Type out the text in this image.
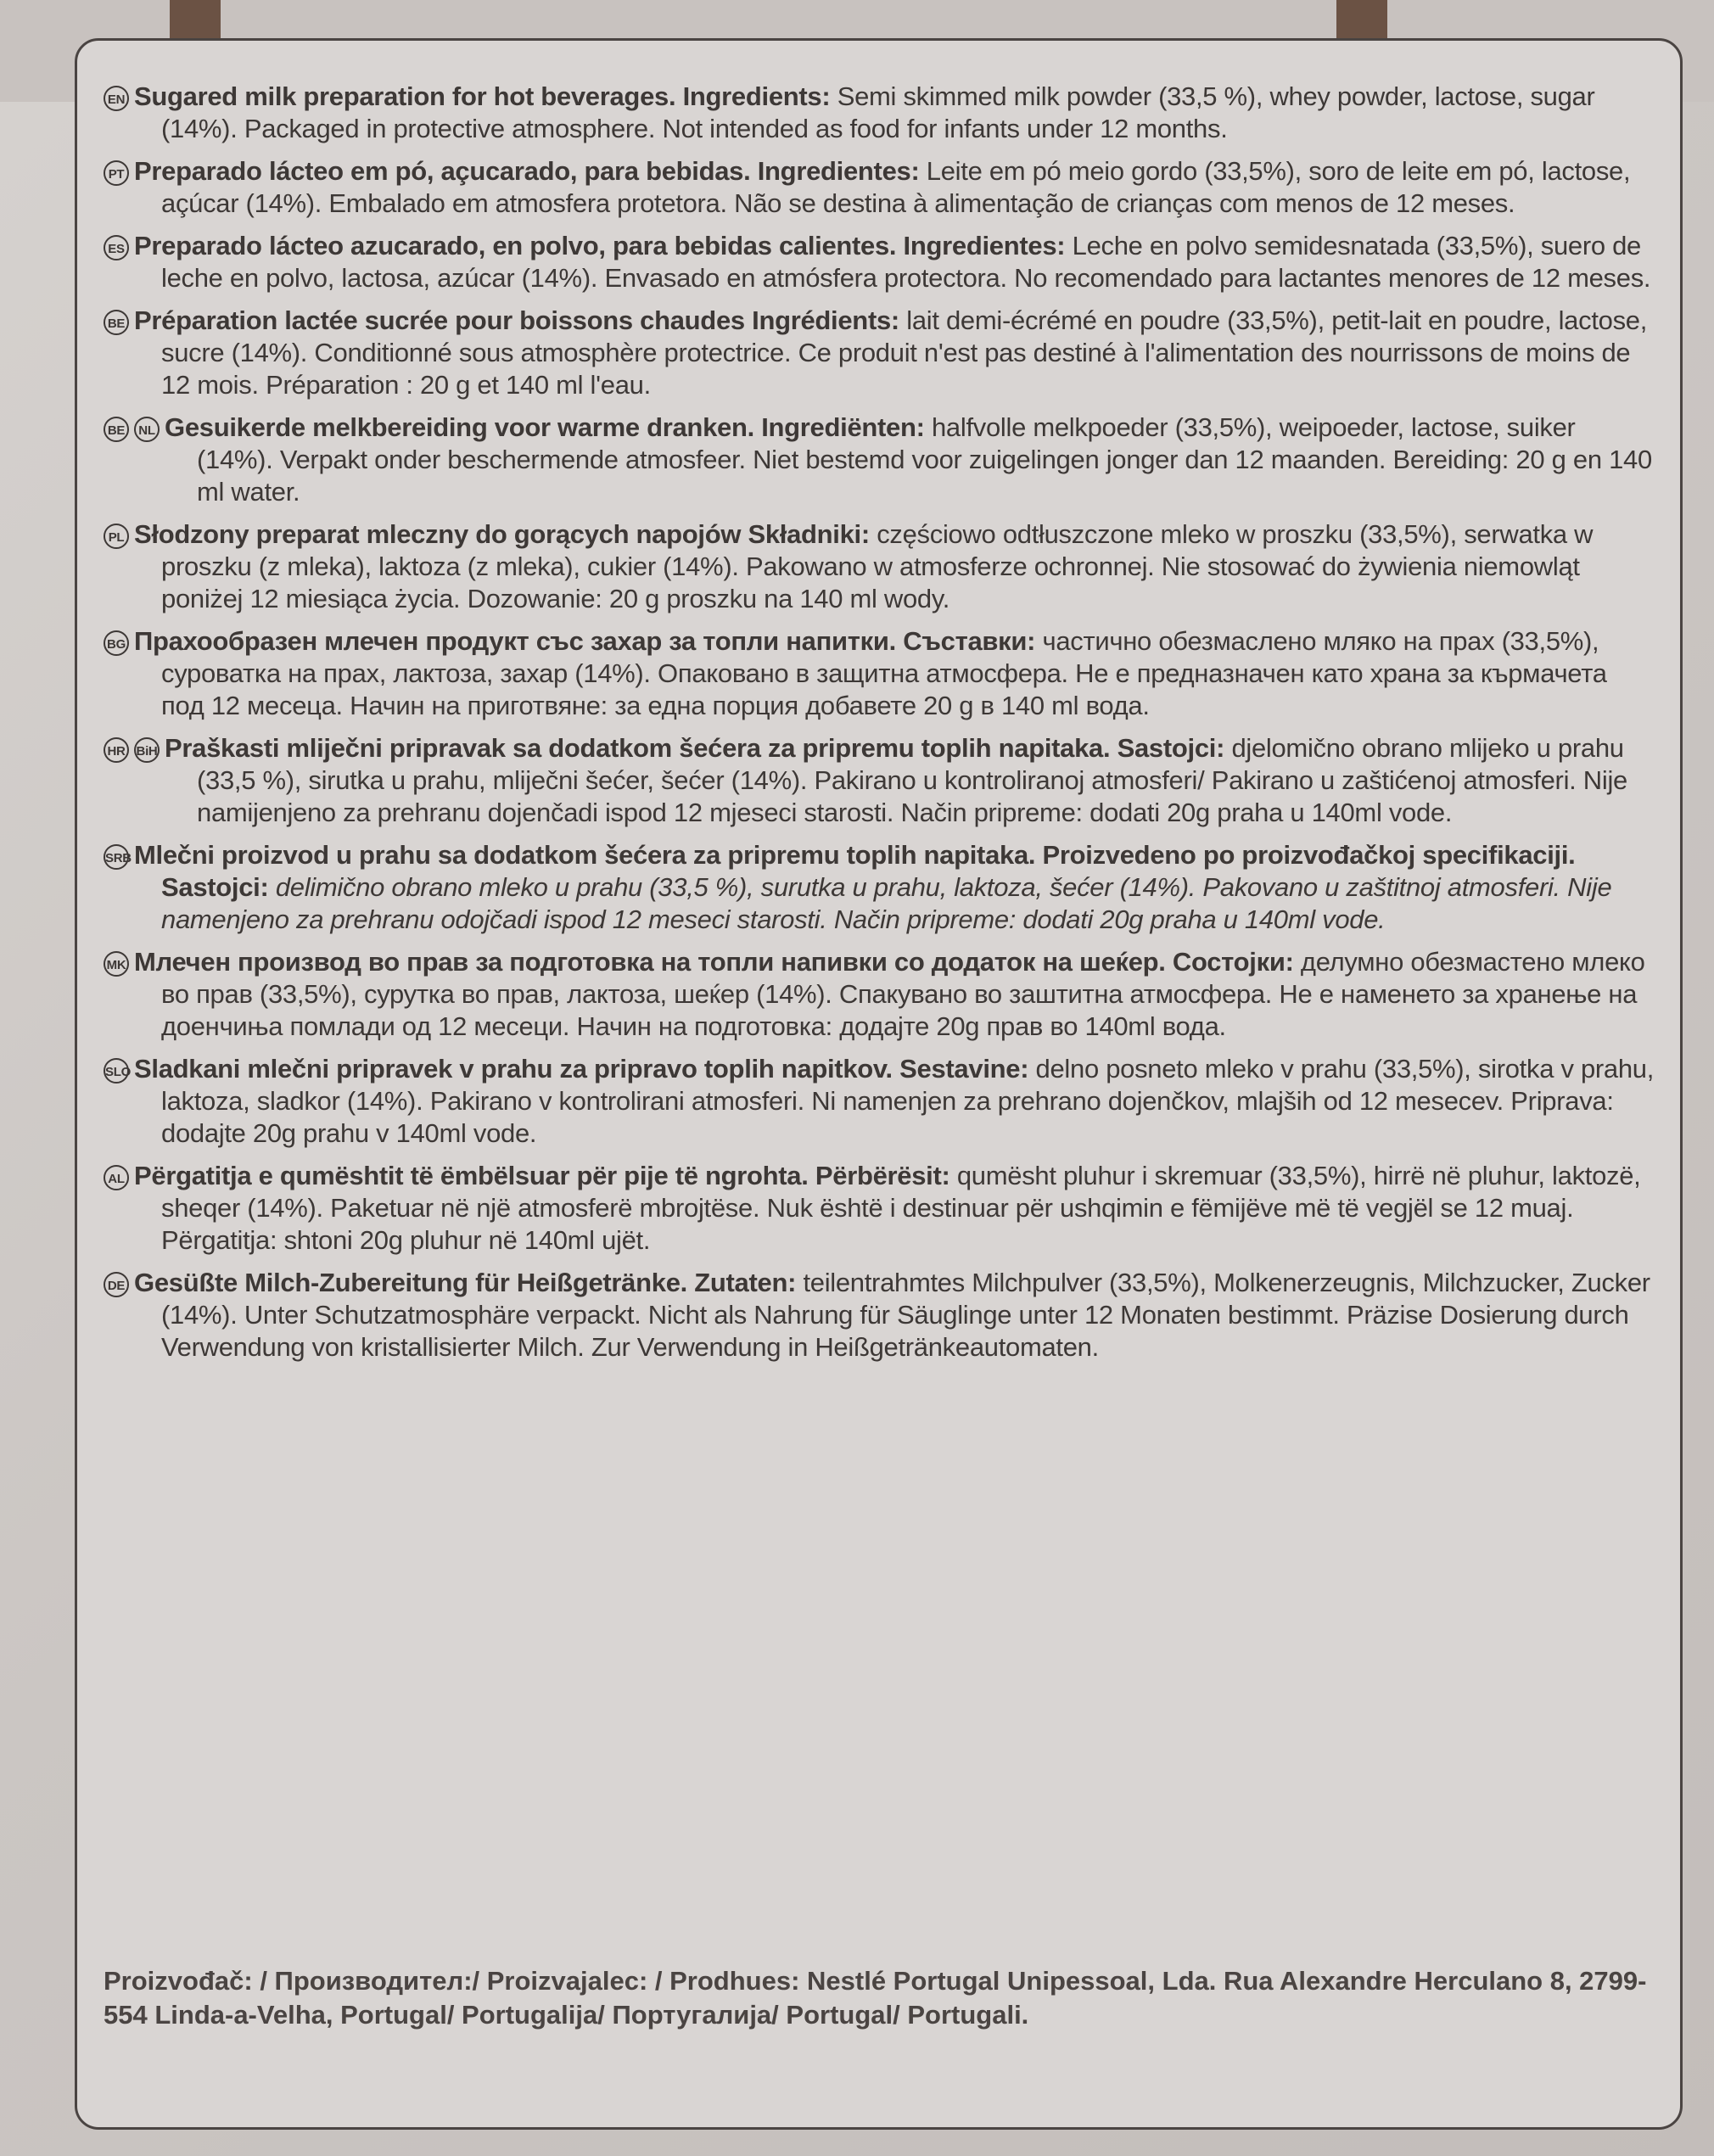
EN Sugared milk preparation for hot beverages. Ingredients: Semi skimmed milk powder (33,5 %), whey powder, lactose, sugar (14%). Packaged in protective atmosphere. Not intended as food for infants under 12 months.

PT Preparado lácteo em pó, açucarado, para bebidas. Ingredientes: Leite em pó meio gordo (33,5%), soro de leite em pó, lactose, açúcar (14%). Embalado em atmosfera protetora. Não se destina à alimentação de crianças com menos de 12 meses.

ES Preparado lácteo azucarado, en polvo, para bebidas calientes. Ingredientes: Leche en polvo semidesnatada (33,5%), suero de leche en polvo, lactosa, azúcar (14%). Envasado en atmósfera protectora. No recomendado para lactantes menores de 12 meses.

BE Préparation lactée sucrée pour boissons chaudes Ingrédients: lait demi-écrémé en poudre (33,5%), petit-lait en poudre, lactose, sucre (14%). Conditionné sous atmosphère protectrice. Ce produit n'est pas destiné à l'alimentation des nourrissons de moins de 12 mois. Préparation : 20 g et 140 ml l'eau.

BE NL Gesuikerde melkbereiding voor warme dranken. Ingrediënten: halfvolle melkpoeder (33,5%), weipoeder, lactose, suiker (14%). Verpakt onder beschermende atmosfeer. Niet bestemd voor zuigelingen jonger dan 12 maanden. Bereiding: 20 g en 140 ml water.

PL Słodzony preparat mleczny do gorących napojów Składniki: częściowo odtłuszczone mleko w proszku (33,5%), serwatka w proszku (z mleka), laktoza (z mleka), cukier (14%). Pakowano w atmosferze ochronnej. Nie stosować do żywienia niemowląt poniżej 12 miesiąca życia. Dozowanie: 20 g proszku na 140 ml wody.

BG Прахообразен млечен продукт със захар за топли напитки. Съставки: частично обезмаслено мляко на прах (33,5%), суроватка на прах, лактоза, захар (14%). Опаковано в защитна атмосфера. Не е предназначен като храна за кърмачета под 12 месеца. Начин на приготвяне: за една порция добавете 20 g в 140 ml вода.

HR BiH Praškasti mliječni pripravak sa dodatkom šećera za pripremu toplih napitaka. Sastojci: djelomično obrano mlijeko u prahu (33,5 %), sirutka u prahu, mliječni šećer, šećer (14%). Pakirano u kontroliranoj atmosferi/ Pakirano u zaštićenoj atmosferi. Nije namijenjeno za prehranu dojenčadi ispod 12 mjeseci starosti. Način pripreme: dodati 20g praha u 140ml vode.

SRB Mlečni proizvod u prahu sa dodatkom šećera za pripremu toplih napitaka. Proizvedeno po proizvođačkoj specifikaciji. Sastojci: delimično obrano mleko u prahu (33,5 %), surutka u prahu, laktoza, šećer (14%). Pakovano u zaštitnoj atmosferi. Nije namenjeno za prehranu odojčadi ispod 12 meseci starosti. Način pripreme: dodati 20g praha u 140ml vode.

MK Млечен производ во прав за подготовка на топли напивки со додаток на шеќер. Состојки: делумно обезмастено млеко во прав (33,5%), сурутка во прав, лактоза, шеќер (14%). Спакувано во заштитна атмосфера. Не е наменето за хранење на доенчиња помлади од 12 месеци. Начин на подготовка: додајте 20g прав во 140ml вода.

SLO Sladkani mlečni pripravek v prahu za pripravo toplih napitkov. Sestavine: delno posneto mleko v prahu (33,5%), sirotka v prahu, laktoza, sladkor (14%). Pakirano v kontrolirani atmosferi. Ni namenjen za prehrano dojenčkov, mlajših od 12 mesecev. Priprava: dodajte 20g prahu v 140ml vode.

AL Përgatitja e qumështit të ëmbëlsuar për pije të ngrohta. Përbërësit: qumësht pluhur i skremuar (33,5%), hirrë në pluhur, laktozë, sheqer (14%). Paketuar në një atmosferë mbrojtëse. Nuk është i destinuar për ushqimin e fëmijëve më të vegjël se 12 muaj. Përgatitja: shtoni 20g pluhur në 140ml ujët.

DE Gesüßte Milch-Zubereitung für Heißgetränke. Zutaten: teilentrahmtes Milchpulver (33,5%), Molkenerzeugnis, Milchzucker, Zucker (14%). Unter Schutzatmosphäre verpackt. Nicht als Nahrung für Säuglinge unter 12 Monaten bestimmt. Präzise Dosierung durch Verwendung von kristallisierter Milch. Zur Verwendung in Heißgetränkeautomaten.

Proizvođač: / Производител:/ Proizvajalec: / Prodhues: Nestlé Portugal Unipessoal, Lda. Rua Alexandre Herculano 8, 2799-554 Linda-a-Velha, Portugal/ Portugalija/ Португалија/ Portugal/ Portugali.
